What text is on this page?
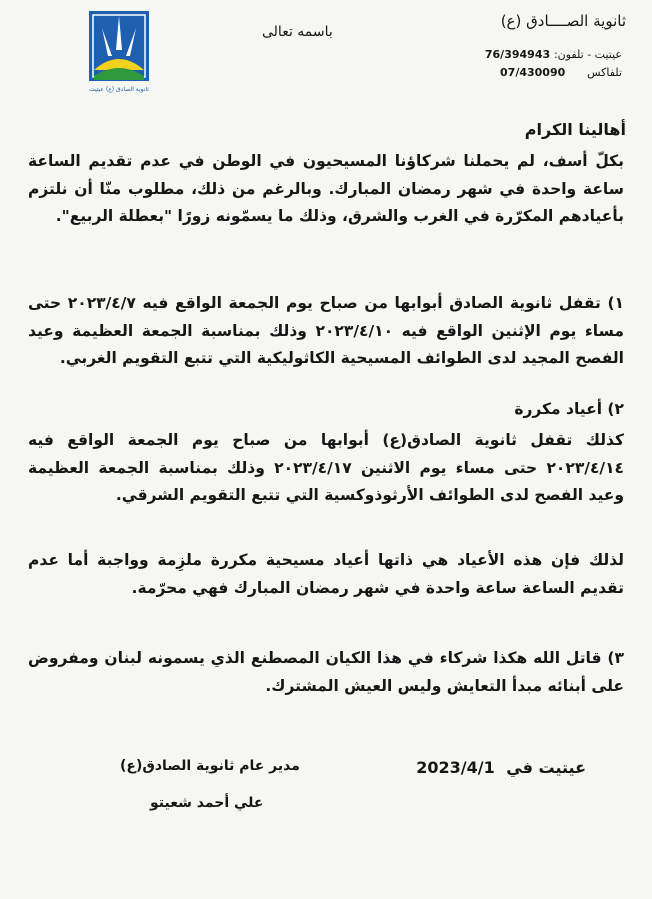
ثانوية الصادق (ع) عيتيت
ثانوية الصــــادق (ع)
باسمه تعالى
عيتيت - تلفون: 76/394943
تلفاكس 07/430090
أهالينا الكرام

بكلّ أسف، لم يحملنا شركاؤنا المسيحيون في الوطن في عدم تقديم الساعة ساعة واحدة في شهر رمضان المبارك. وبالرغم من ذلك، مطلوب منّا أن نلتزم بأعيادهم المكرّرة في الغرب والشرق، وذلك ما يسمّونه زورًا "بعطلة الربيع".

١) تقفل ثانوية الصادق أبوابها من صباح يوم الجمعة الواقع فيه ٢٠٢٣/٤/٧ حتى مساء يوم الإثنين الواقع فيه ٢٠٢٣/٤/١٠ وذلك بمناسبة الجمعة العظيمة وعيد الفصح المجيد لدى الطوائف المسيحية الكاثوليكية التي تتبع التقويم الغربي.

٢) أعياد مكررة

كذلك تقفل ثانوية الصادق(ع) أبوابها من صباح يوم الجمعة الواقع فيه ٢٠٢٣/٤/١٤ حتى مساء يوم الاثنين ٢٠٢٣/٤/١٧ وذلك بمناسبة الجمعة العظيمة وعيد الفصح لدى الطوائف الأرثوذوكسية التي تتبع التقويم الشرقي.

لذلك فإن هذه الأعياد هي ذاتها أعياد مسيحية مكررة ملزِمة وواجبة أما عدم تقديم الساعة ساعة واحدة في شهر رمضان المبارك فهي محرّمة.

٣) قاتل الله هكذا شركاء في هذا الكيان المصطنع الذي يسمونه لبنان ومفروض على أبنائه مبدأ التعايش وليس العيش المشترك.

عيتيت في 2023/4/1
مدير عام ثانوية الصادق(ع)
علي أحمد شعيتو
